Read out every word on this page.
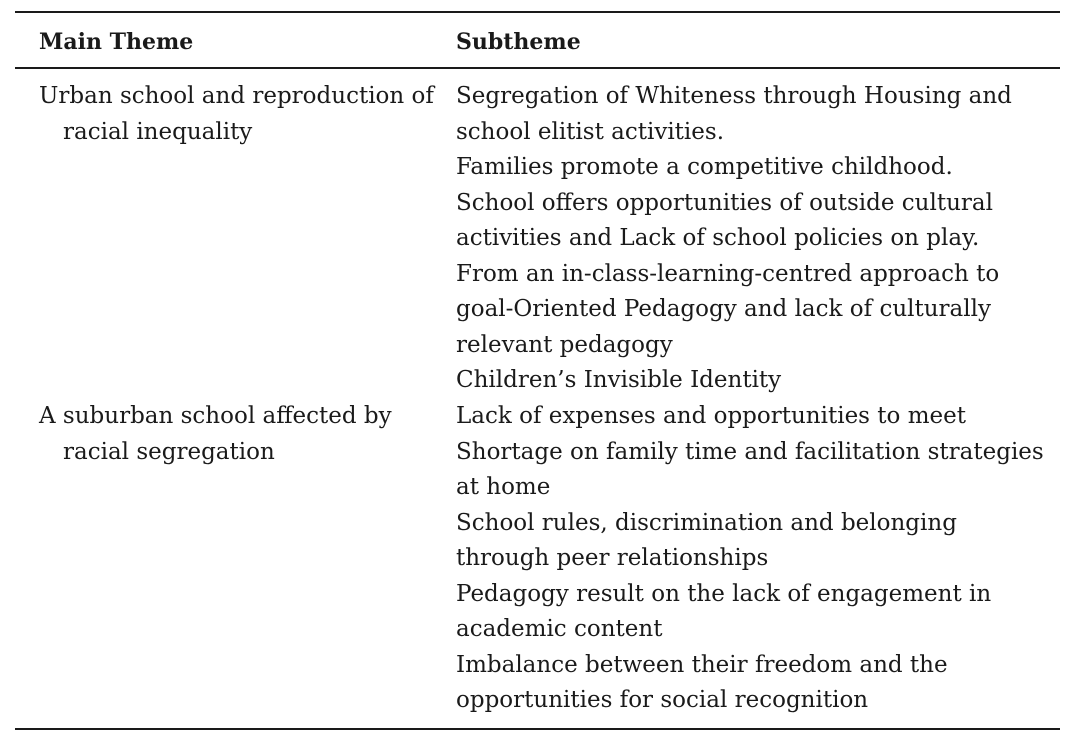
Main Theme	Subtheme
Urban school and reproduction of racial inequality
Segregation of Whiteness through Housing and
school elitist activities.
Families promote a competitive childhood.
School offers opportunities of outside cultural
activities and Lack of school policies on play.
From an in-class-learning-centred approach to
goal-Oriented Pedagogy and lack of culturally
relevant pedagogy
Children’s Invisible Identity
A suburban school affected by racial segregation
Lack of expenses and opportunities to meet
Shortage on family time and facilitation strategies
at home
School rules, discrimination and belonging
through peer relationships
Pedagogy result on the lack of engagement in
academic content
Imbalance between their freedom and the
opportunities for social recognition
